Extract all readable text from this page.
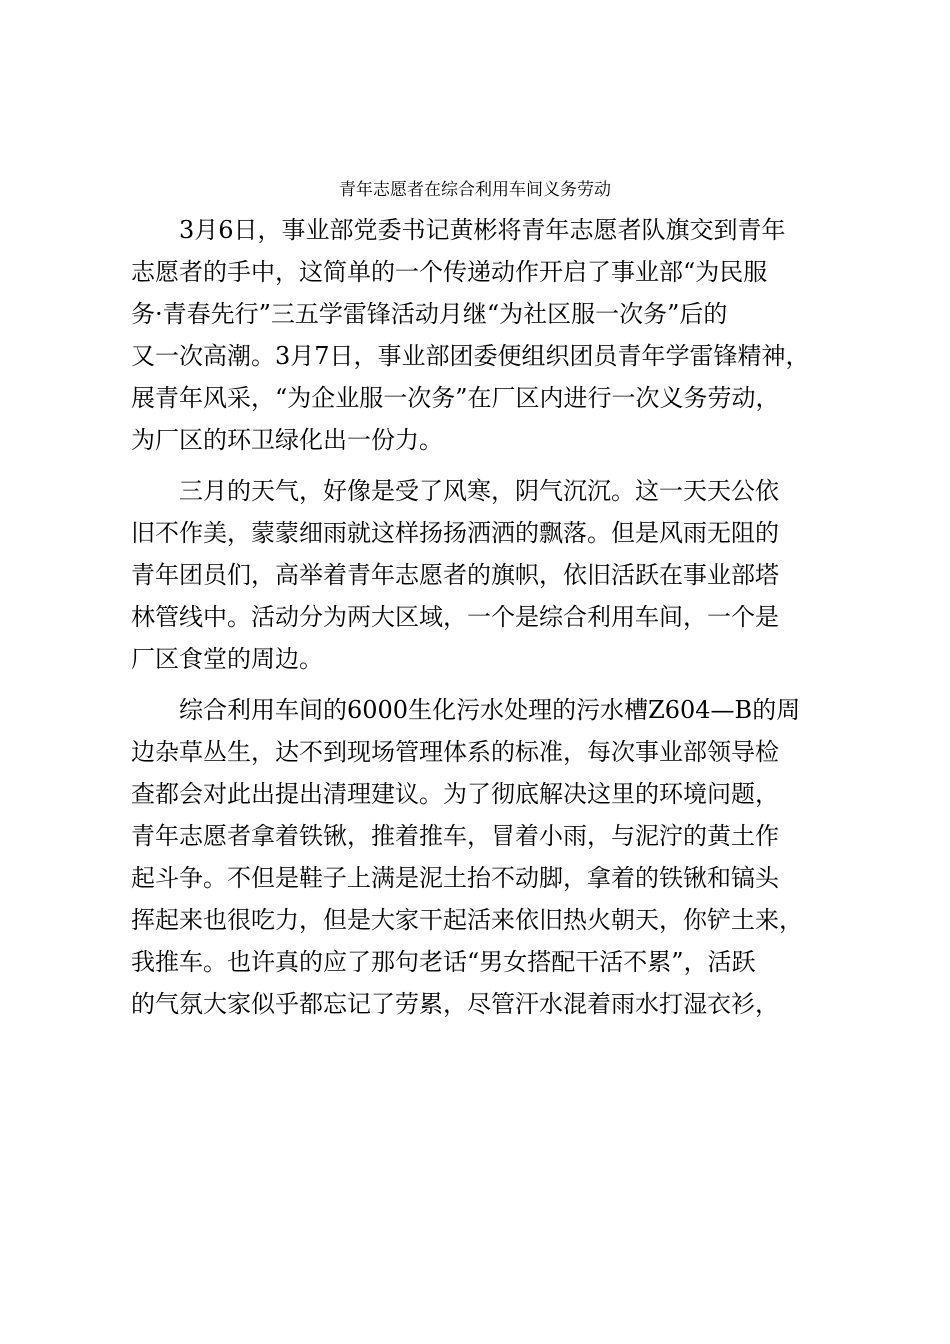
青年志愿者在综合利用车间义务劳动
3月6日，事业部党委书记黄彬将青年志愿者队旗交到青年
志愿者的手中，这简单的一个传递动作开启了事业部“为民服
务·青春先行”三五学雷锋活动月继“为社区服一次务”后的
又一次高潮。3月7日，事业部团委便组织团员青年学雷锋精神，
展青年风采，“为企业服一次务”在厂区内进行一次义务劳动，
为厂区的环卫绿化出一份力。
三月的天气，好像是受了风寒，阴气沉沉。这一天天公依
旧不作美，蒙蒙细雨就这样扬扬洒洒的飘落。但是风雨无阻的
青年团员们，高举着青年志愿者的旗帜，依旧活跃在事业部塔
林管线中。活动分为两大区域，一个是综合利用车间，一个是
厂区食堂的周边。
综合利用车间的6000生化污水处理的污水槽Z604—B的周
边杂草丛生，达不到现场管理体系的标准，每次事业部领导检
查都会对此出提出清理建议。为了彻底解决这里的环境问题，
青年志愿者拿着铁锹，推着推车，冒着小雨，与泥泞的黄土作
起斗争。不但是鞋子上满是泥土抬不动脚，拿着的铁锹和镐头
挥起来也很吃力，但是大家干起活来依旧热火朝天，你铲土来，
我推车。也许真的应了那句老话“男女搭配干活不累”，活跃
的气氛大家似乎都忘记了劳累，尽管汗水混着雨水打湿衣衫，
